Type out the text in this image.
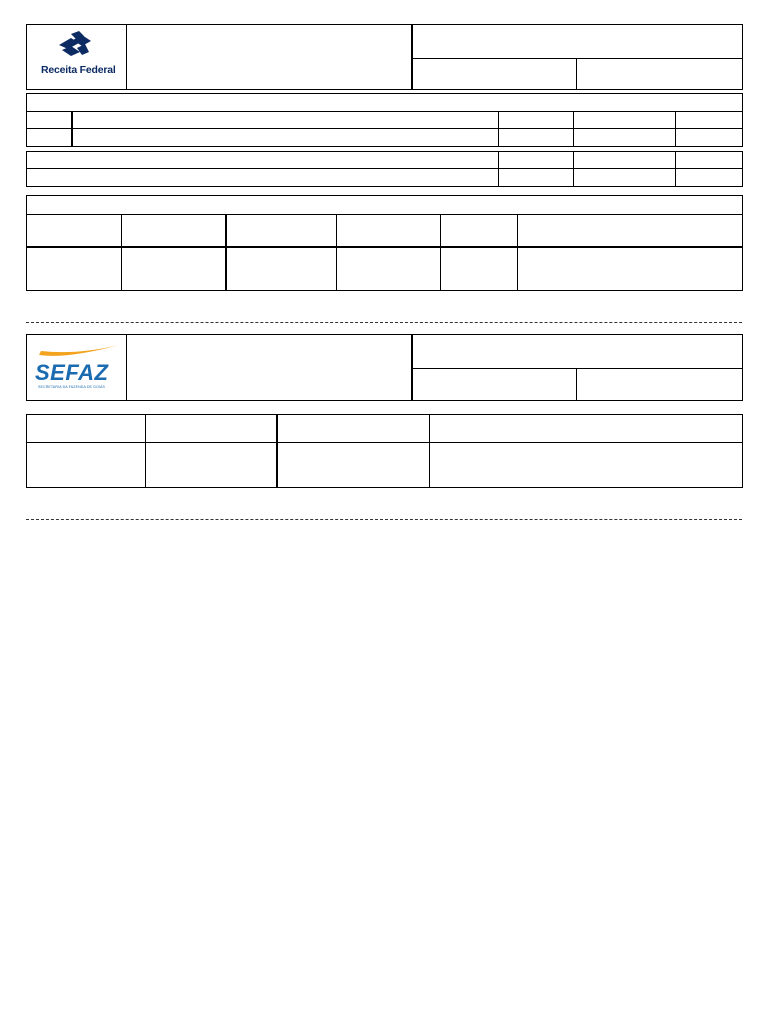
Receita Federal
SEFAZ
SECRETARIA DA FAZENDA DE GOIÁS
